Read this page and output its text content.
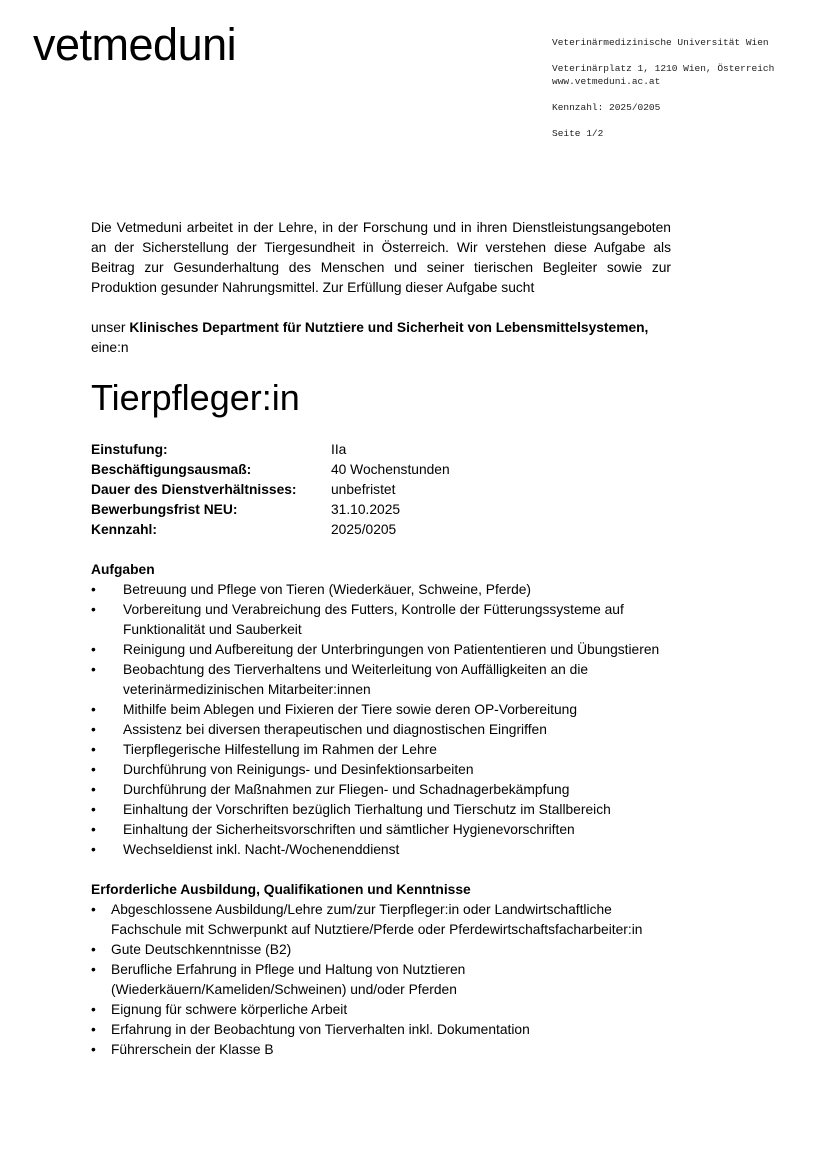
vetmeduni	Veterinärmedizinische Universität Wien
Veterinärplatz 1, 1210 Wien, Österreich
www.vetmeduni.ac.at
Kennzahl: 2025/0205
Seite 1/2

Die Vetmeduni arbeitet in der Lehre, in der Forschung und in ihren Dienstleistungsangeboten an der Sicherstellung der Tiergesundheit in Österreich. Wir verstehen diese Aufgabe als Beitrag zur Gesunderhaltung des Menschen und seiner tierischen Begleiter sowie zur Produktion gesunder Nahrungsmittel. Zur Erfüllung dieser Aufgabe sucht

unser Klinisches Department für Nutztiere und Sicherheit von Lebensmittelsystemen,
eine:n

Tierpfleger:in
Einstufung:	IIa
Beschäftigungsausmaß:	40 Wochenstunden
Dauer des Dienstverhältnisses:	unbefristet
Bewerbungsfrist NEU:	31.10.2025
Kennzahl:	2025/0205
Aufgaben
• Betreuung und Pflege von Tieren (Wiederkäuer, Schweine, Pferde)
• Vorbereitung und Verabreichung des Futters, Kontrolle der Fütterungssysteme auf Funktionalität und Sauberkeit
• Reinigung und Aufbereitung der Unterbringungen von Patiententieren und Übungstieren
• Beobachtung des Tierverhaltens und Weiterleitung von Auffälligkeiten an die veterinärmedizinischen Mitarbeiter:innen
• Mithilfe beim Ablegen und Fixieren der Tiere sowie deren OP-Vorbereitung
• Assistenz bei diversen therapeutischen und diagnostischen Eingriffen
• Tierpflegerische Hilfestellung im Rahmen der Lehre
• Durchführung von Reinigungs- und Desinfektionsarbeiten
• Durchführung der Maßnahmen zur Fliegen- und Schadnagerbekämpfung
• Einhaltung der Vorschriften bezüglich Tierhaltung und Tierschutz im Stallbereich
• Einhaltung der Sicherheitsvorschriften und sämtlicher Hygienevorschriften
• Wechseldienst inkl. Nacht-/Wochenenddienst
Erforderliche Ausbildung, Qualifikationen und Kenntnisse
• Abgeschlossene Ausbildung/Lehre zum/zur Tierpfleger:in oder Landwirtschaftliche Fachschule mit Schwerpunkt auf Nutztiere/Pferde oder Pferdewirtschaftsfacharbeiter:in
• Gute Deutschkenntnisse (B2)
• Berufliche Erfahrung in Pflege und Haltung von Nutztieren (Wiederkäuern/Kameliden/Schweinen) und/oder Pferden
• Eignung für schwere körperliche Arbeit
• Erfahrung in der Beobachtung von Tierverhalten inkl. Dokumentation
• Führerschein der Klasse B
